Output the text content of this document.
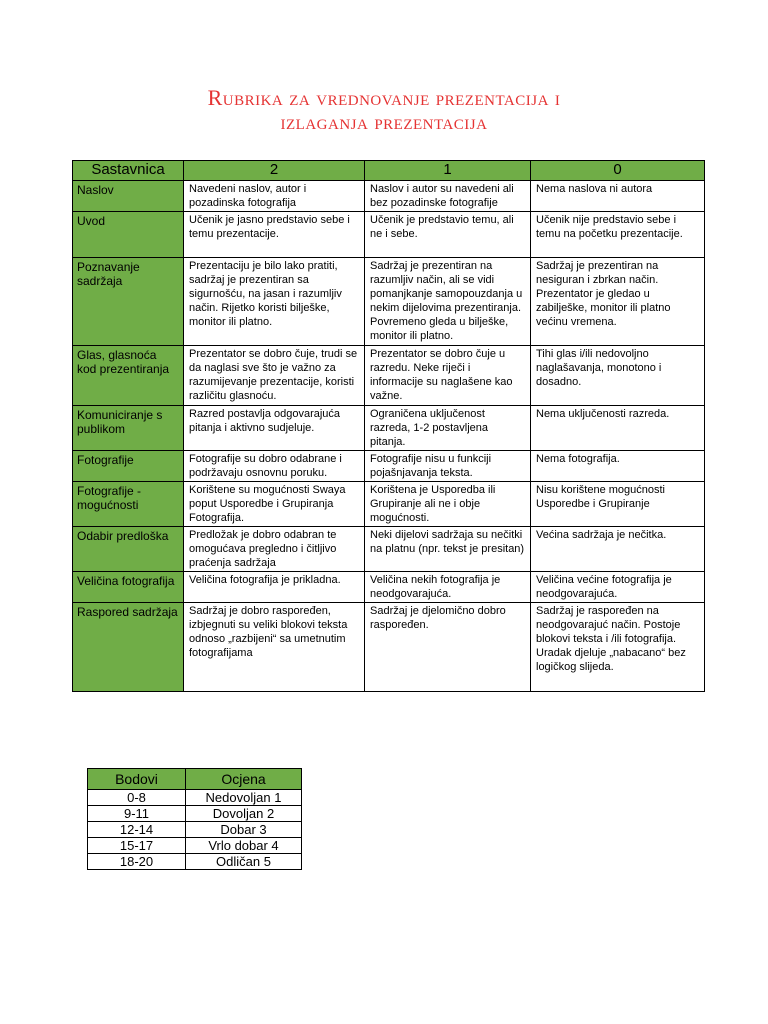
Rubrika za vrednovanje prezentacija i
izlaganja prezentacija
Sastavnica	2	1	0
Naslov	Navedeni naslov, autor i pozadinska fotografija	Naslov i autor su navedeni ali bez pozadinske fotografije	Nema naslova ni autora
Uvod	Učenik je jasno predstavio sebe i temu prezentacije.	Učenik je predstavio temu, ali ne i sebe.	Učenik nije predstavio sebe i temu na početku prezentacije.
Poznavanje sadržaja	Prezentaciju je bilo lako pratiti, sadržaj je prezentiran sa sigurnošću, na jasan i razumljiv način. Rijetko koristi bilješke, monitor ili platno.	Sadržaj je prezentiran na razumljiv način, ali se vidi pomanjkanje samopouzdanja u nekim dijelovima prezentiranja. Povremeno gleda u bilješke, monitor ili platno.	Sadržaj je prezentiran na nesiguran i zbrkan način. Prezentator je gledao u zabilješke, monitor ili platno većinu vremena.
Glas, glasnoća kod prezentiranja	Prezentator se dobro čuje, trudi se da naglasi sve što je važno za razumijevanje prezentacije, koristi različitu glasnoću.	Prezentator se dobro čuje u razredu. Neke riječi i informacije su naglašene kao važne.	Tihi glas i/ili nedovoljno naglašavanja, monotono i dosadno.
Komuniciranje s publikom	Razred postavlja odgovarajuća pitanja i aktivno sudjeluje.	Ograničena uključenost razreda, 1-2 postavljena pitanja.	Nema uključenosti razreda.
Fotografije	Fotografije su dobro odabrane i podržavaju osnovnu poruku.	Fotografije nisu u funkciji pojašnjavanja teksta.	Nema fotografija.
Fotografije - mogućnosti	Korištene su mogućnosti Swaya poput Usporedbe i Grupiranja Fotografija.	Korištena je Usporedba ili Grupiranje ali ne i obje mogućnosti.	Nisu korištene mogućnosti Usporedbe i Grupiranje
Odabir predloška	Predložak je dobro odabran te omogućava pregledno i čitljivo praćenja sadržaja	Neki dijelovi sadržaja su nečitki na platnu (npr. tekst je presitan)	Većina sadržaja je nečitka.
Veličina fotografija	Veličina fotografija je prikladna.	Veličina nekih fotografija je neodgovarajuća.	Veličina većine fotografija je neodgovarajuća.
Raspored sadržaja	Sadržaj je dobro raspoređen, izbjegnuti su veliki blokovi teksta odnoso „razbijeni“ sa umetnutim fotografijama	Sadržaj je djelomično dobro raspoređen.	Sadržaj je raspoređen na neodgovarajuć način. Postoje blokovi teksta i /ili fotografija. Uradak djeluje „nabacano“ bez logičkog slijeda.
Bodovi	Ocjena
0-8	Nedovoljan 1
9-11	Dovoljan 2
12-14	Dobar 3
15-17	Vrlo dobar 4
18-20	Odličan 5
